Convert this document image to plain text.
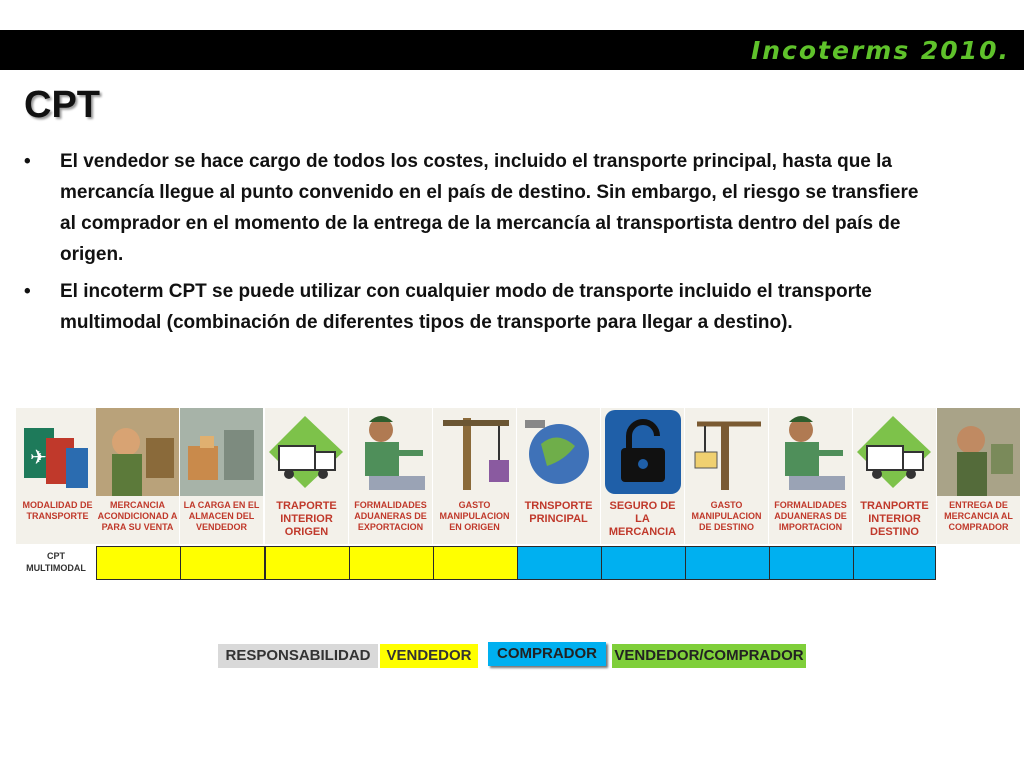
Incoterms 2010.
CPT
• El vendedor se hace cargo de todos los costes, incluido el transporte principal, hasta que la mercancía llegue al punto convenido en el país de destino. Sin embargo, el riesgo se transfiere al comprador en el momento de la entrega de la mercancía al transportista dentro del país de origen.
• El incoterm CPT se puede utilizar con cualquier modo de transporte incluido el transporte multimodal (combinación de diferentes tipos de transporte para llegar a destino).
✈
MODALIDAD DE TRANSPORTE
MERCANCIA ACONDICIONAD A PARA SU VENTA
LA CARGA EN EL ALMACEN DEL VENDEDOR
TRAPORTE INTERIOR ORIGEN
FORMALIDADES ADUANERAS DE EXPORTACION
GASTO MANIPULACION EN ORIGEN
TRNSPORTE PRINCIPAL
SEGURO DE LA MERCANCIA
GASTO MANIPULACION DE DESTINO
FORMALIDADES ADUANERAS DE IMPORTACION
TRANPORTE INTERIOR DESTINO
ENTREGA DE MERCANCIA AL COMPRADOR
CPT MULTIMODAL
RESPONSABILIDAD	VENDEDOR	COMPRADOR	VENDEDOR/COMPRADOR
